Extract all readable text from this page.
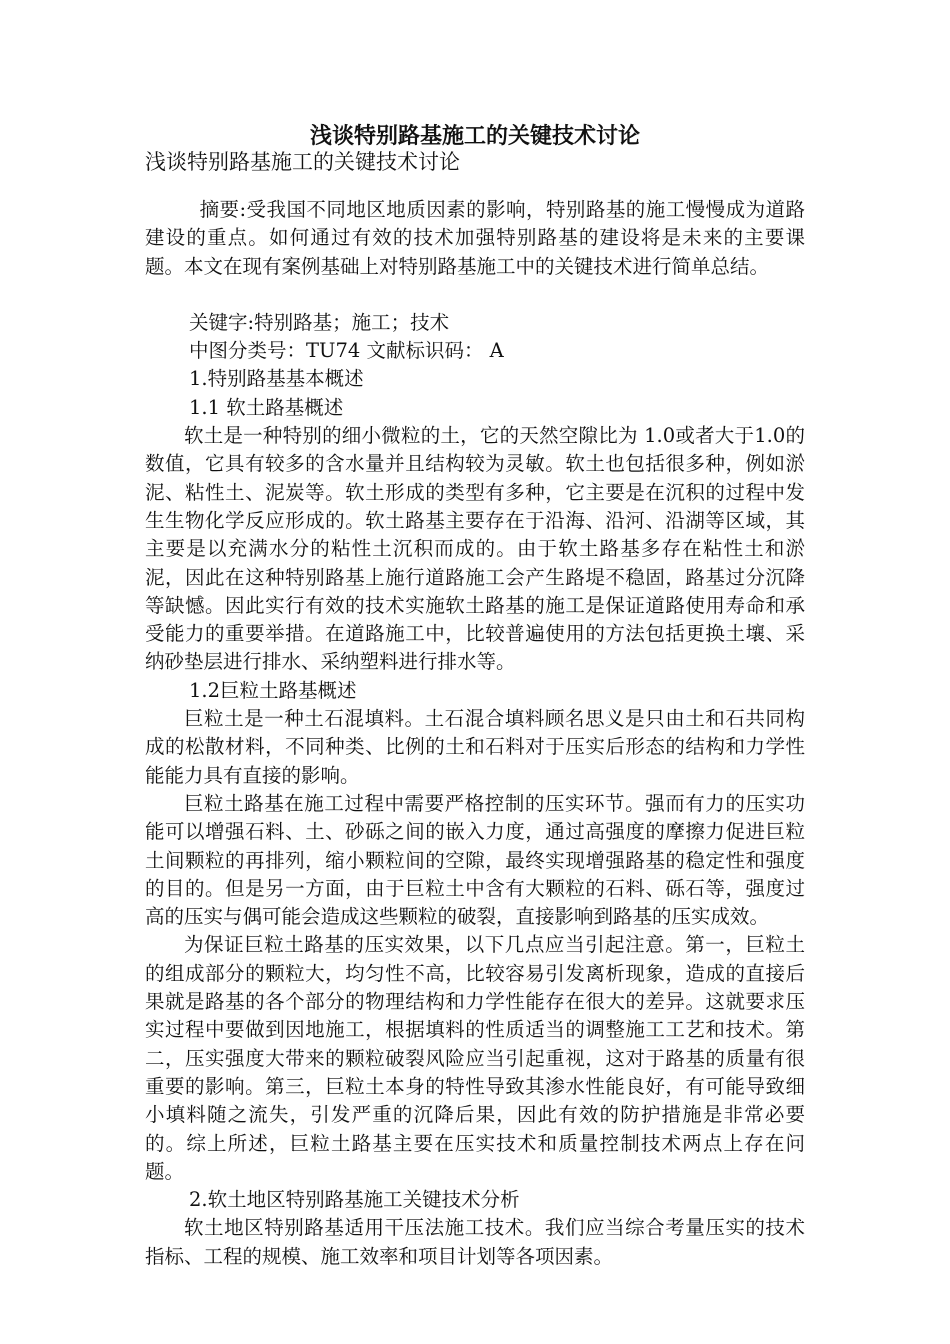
浅谈特别路基施工的关键技术讨论
浅谈特别路基施工的关键技术讨论

摘要:受我国不同地区地质因素的影响，特别路基的施工慢慢成为道路建设的重点。如何通过有效的技术加强特别路基的建设将是未来的主要课题。本文在现有案例基础上对特别路基施工中的关键技术进行简单总结。

关键字:特别路基；施工；技术

中图分类号：TU74 文献标识码： A

1.特别路基基本概述

1.1 软土路基概述

软土是一种特别的细小微粒的土，它的天然空隙比为 1.0或者大于1.0的数值，它具有较多的含水量并且结构较为灵敏。软土也包括很多种，例如淤泥、粘性土、泥炭等。软土形成的类型有多种，它主要是在沉积的过程中发生生物化学反应形成的。软土路基主要存在于沿海、沿河、沿湖等区域，其主要是以充满水分的粘性土沉积而成的。由于软土路基多存在粘性土和淤泥，因此在这种特别路基上施行道路施工会产生路堤不稳固，路基过分沉降等缺憾。因此实行有效的技术实施软土路基的施工是保证道路使用寿命和承受能力的重要举措。在道路施工中，比较普遍使用的方法包括更换土壤、采纳砂垫层进行排水、采纳塑料进行排水等。

1.2巨粒土路基概述

巨粒土是一种土石混填料。土石混合填料顾名思义是只由土和石共同构成的松散材料，不同种类、比例的土和石料对于压实后形态的结构和力学性能能力具有直接的影响。

巨粒土路基在施工过程中需要严格控制的压实环节。强而有力的压实功能可以增强石料、土、砂砾之间的嵌入力度，通过高强度的摩擦力促进巨粒土间颗粒的再排列，缩小颗粒间的空隙，最终实现增强路基的稳定性和强度的目的。但是另一方面，由于巨粒土中含有大颗粒的石料、砾石等，强度过高的压实与偶可能会造成这些颗粒的破裂，直接影响到路基的压实成效。

为保证巨粒土路基的压实效果，以下几点应当引起注意。第一，巨粒土的组成部分的颗粒大，均匀性不高，比较容易引发离析现象，造成的直接后果就是路基的各个部分的物理结构和力学性能存在很大的差异。这就要求压实过程中要做到因地施工，根据填料的性质适当的调整施工工艺和技术。第二，压实强度大带来的颗粒破裂风险应当引起重视，这对于路基的质量有很重要的影响。第三，巨粒土本身的特性导致其渗水性能良好，有可能导致细小填料随之流失，引发严重的沉降后果，因此有效的防护措施是非常必要的。综上所述，巨粒土路基主要在压实技术和质量控制技术两点上存在问题。

2.软土地区特别路基施工关键技术分析

软土地区特别路基适用干压法施工技术。我们应当综合考量压实的技术指标、工程的规模、施工效率和项目计划等各项因素。
